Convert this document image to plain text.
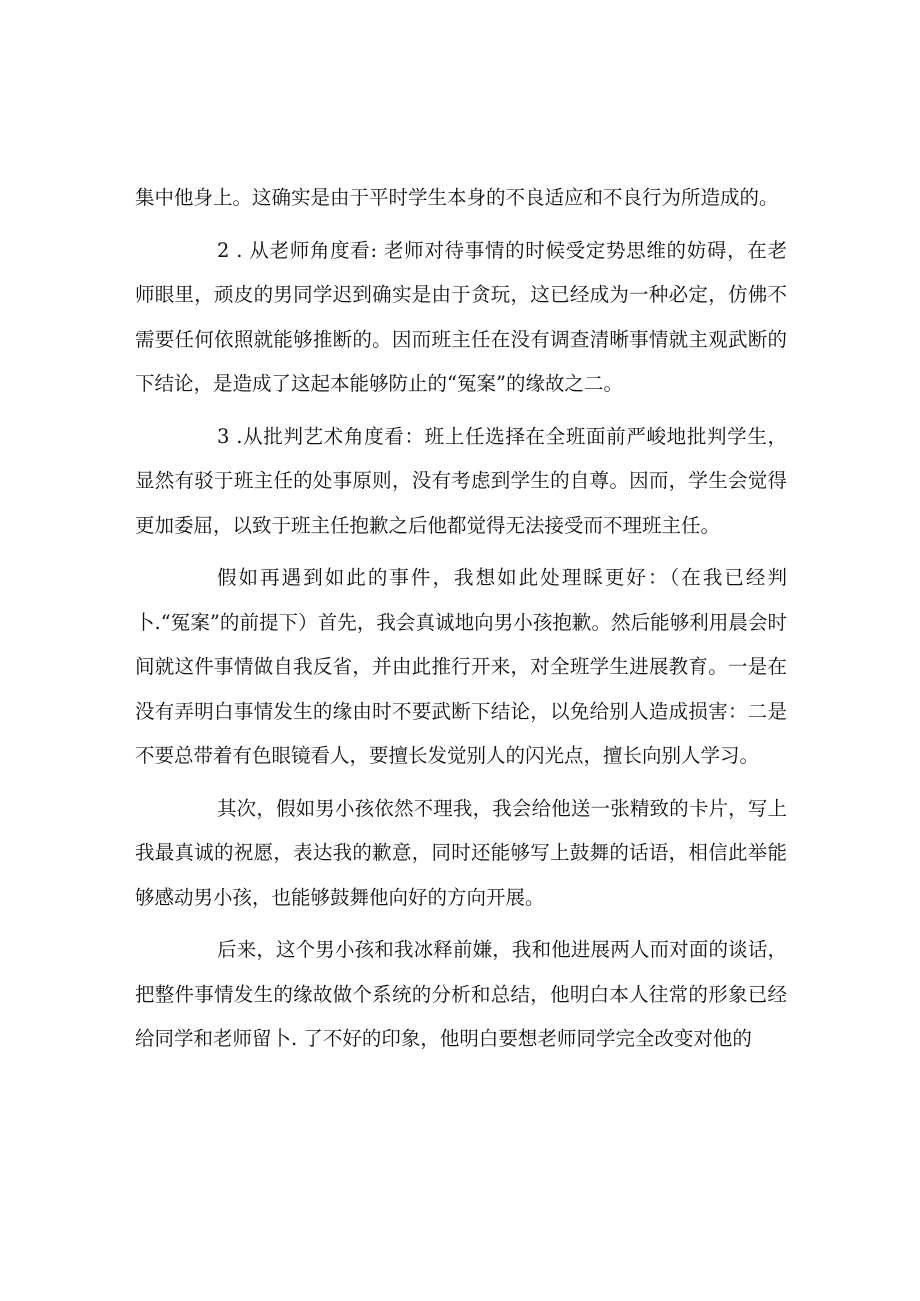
集中他身上。这确实是由于平时学生本身的不良适应和不良行为所造成的。

2 . 从老师角度看: 老师对待事情的时候受定势思维的妨碍，在老师眼里，顽皮的男同学迟到确实是由于贪玩，这已经成为一种必定，仿佛不需要任何依照就能够推断的。因而班主任在没有调查清晰事情就主观武断的下结论，是造成了这起本能够防止的“冤案”的缘故之二。

3 .从批判艺术角度看：班上任选择在全班面前严峻地批判学生，显然有驳于班主任的处事原则，没有考虑到学生的自尊。因而，学生会觉得更加委屈，以致于班主任抱歉之后他都觉得无法接受而不理班主任。

假如再遇到如此的事件，我想如此处理睬更好：（在我已经判卜.“冤案”的前提下）首先，我会真诚地向男小孩抱歉。然后能够利用晨会时间就这件事情做自我反省，并由此推行开来，对全班学生进展教育。一是在没有弄明白事情发生的缘由时不要武断下结论，以免给别人造成损害：二是不要总带着有色眼镜看人，要擅长发觉别人的闪光点，擅长向别人学习。

其次，假如男小孩依然不理我，我会给他送一张精致的卡片，写上我最真诚的祝愿，表达我的歉意，同时还能够写上鼓舞的话语，相信此举能够感动男小孩，也能够鼓舞他向好的方向开展。

后来，这个男小孩和我冰释前嫌，我和他进展两人而对面的谈话，把整件事情发生的缘故做个系统的分析和总结，他明白本人往常的形象已经给同学和老师留卜. 了不好的印象，他明白要想老师同学完全改变对他的
